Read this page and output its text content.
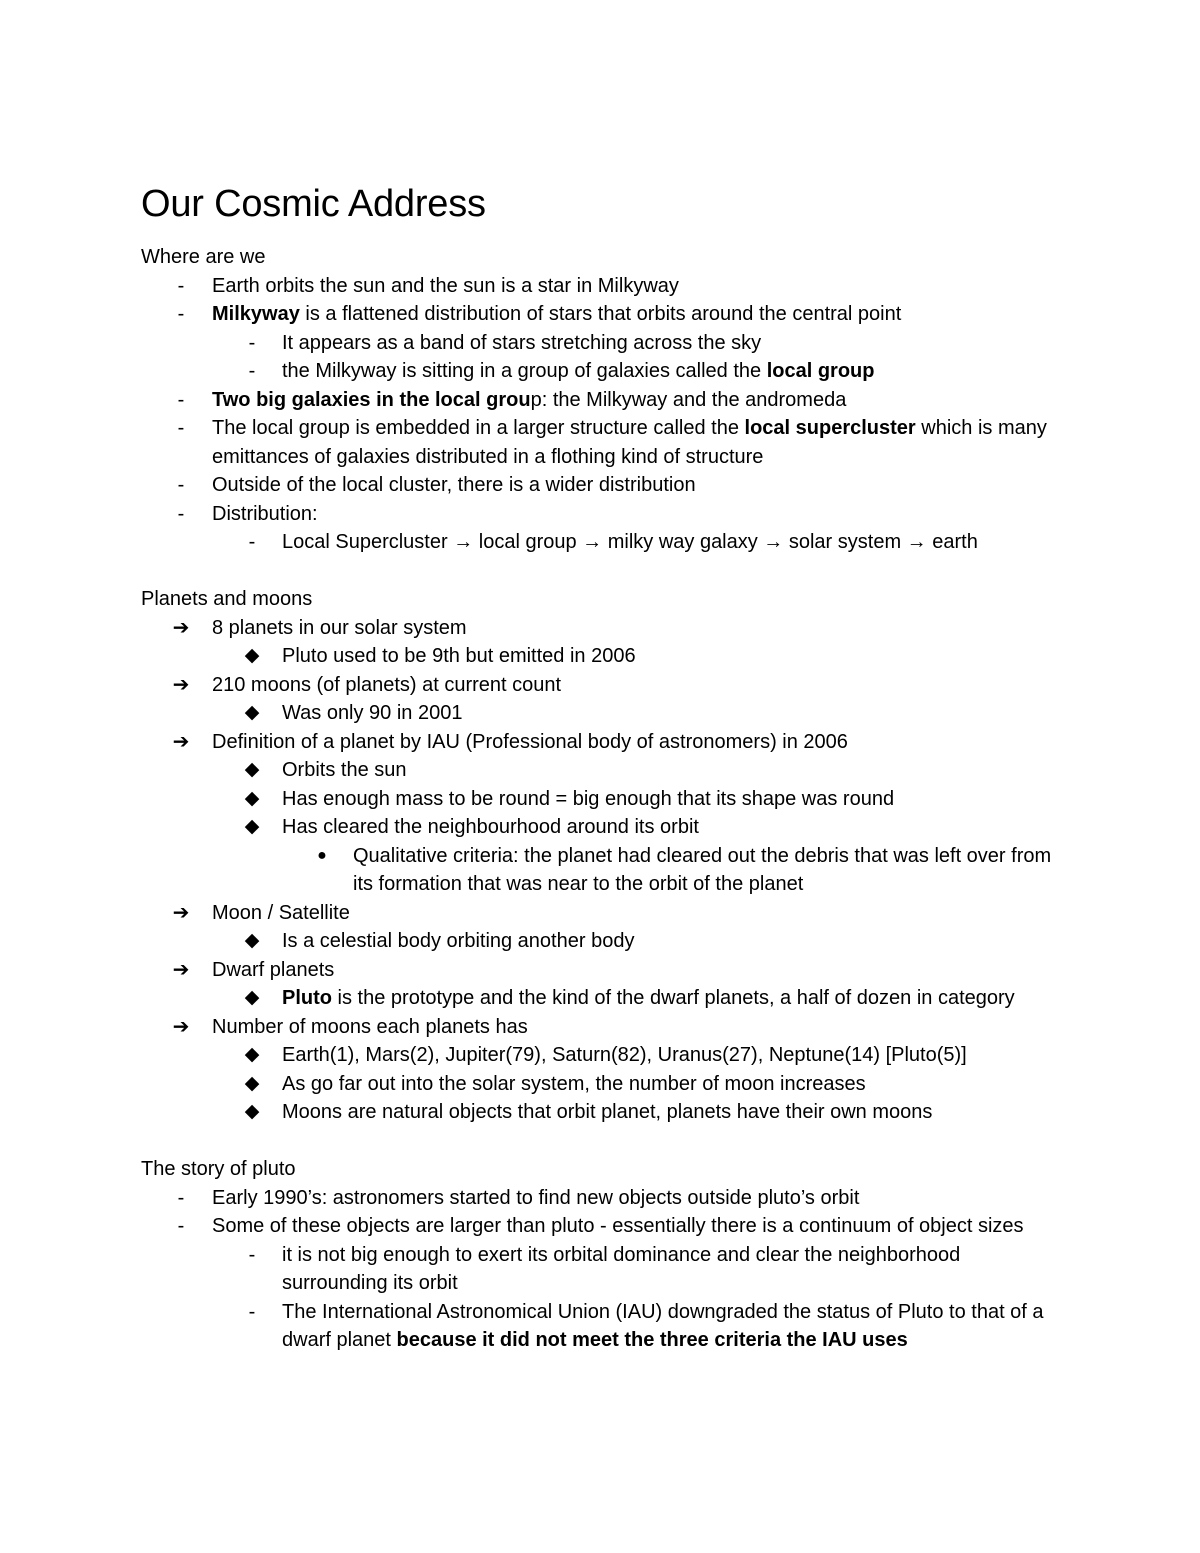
Our Cosmic Address

Where are we

-	Earth orbits the sun and the sun is a star in Milkyway
-	Milkyway is a flattened distribution of stars that orbits around the central point
-	It appears as a band of stars stretching across the sky
-	the Milkyway is sitting in a group of galaxies called the local group
-	Two big galaxies in the local group: the Milkyway and the andromeda
-	The local group is embedded in a larger structure called the local supercluster which is many emittances of galaxies distributed in a flothing kind of structure
-	Outside of the local cluster, there is a wider distribution
-	Distribution:
-	Local Supercluster → local group → milky way galaxy → solar system → earth

Planets and moons

➔	8 planets in our solar system
◆	Pluto used to be 9th but emitted in 2006
➔	210 moons (of planets) at current count
◆	Was only 90 in 2001
➔	Definition of a planet by IAU (Professional body of astronomers) in 2006
◆	Orbits the sun
◆	Has enough mass to be round = big enough that its shape was round
◆	Has cleared the neighbourhood around its orbit
●	Qualitative criteria: the planet had cleared out the debris that was left over from its formation that was near to the orbit of the planet
➔	Moon / Satellite
◆	Is a celestial body orbiting another body
➔	Dwarf planets
◆	Pluto is the prototype and the kind of the dwarf planets, a half of dozen in category
➔	Number of moons each planets has
◆	Earth(1), Mars(2), Jupiter(79), Saturn(82), Uranus(27), Neptune(14) [Pluto(5)]
◆	As go far out into the solar system, the number of moon increases
◆	Moons are natural objects that orbit planet, planets have their own moons

The story of pluto

-	Early 1990’s: astronomers started to find new objects outside pluto’s orbit
-	Some of these objects are larger than pluto - essentially there is a continuum of object sizes
-	it is not big enough to exert its orbital dominance and clear the neighborhood surrounding its orbit
-	The International Astronomical Union (IAU) downgraded the status of Pluto to that of a dwarf planet because it did not meet the three criteria the IAU uses
